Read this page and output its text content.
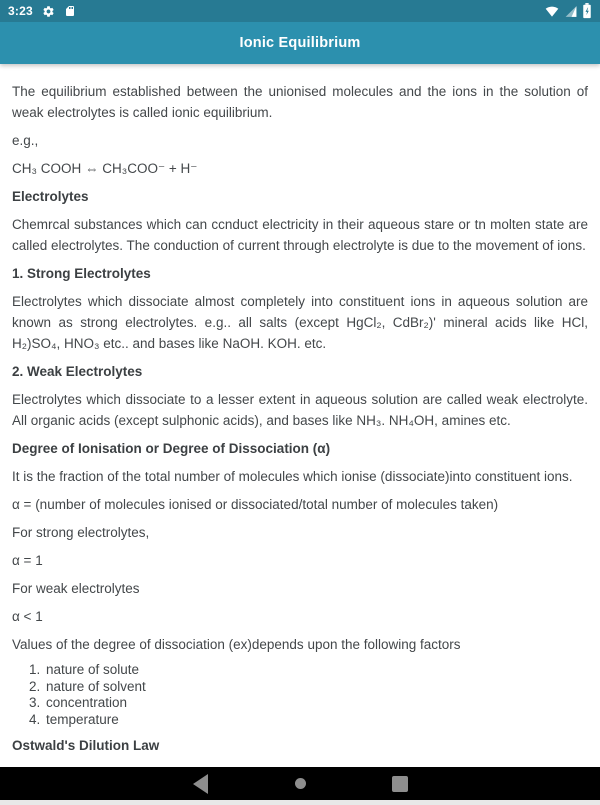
3:23
Ionic Equilibrium

The equilibrium established between the unionised molecules and the ions in the solution of weak electrolytes is called ionic equilibrium.

e.g.,

CH₃ COOH ⇔ CH₃COO⁻ + H⁻

Electrolytes

Chemrcal substances which can ccnduct electricity in their aqueous stare or tn molten state are called electrolytes. The conduction of current through electrolyte is due to the movement of ions.

1. Strong Electrolytes

Electrolytes which dissociate almost completely into constituent ions in aqueous solution are known as strong electrolytes. e.g.. all salts (except HgCl₂, CdBr₂)' mineral acids like HCl, H₂)SO₄, HNO₃ etc.. and bases like NaOH. KOH. etc.

2. Weak Electrolytes

Electrolytes which dissociate to a lesser extent in aqueous solution are called weak electrolyte. All organic acids (except sulphonic acids), and bases like NH₃. NH₄OH, amines etc.

Degree of Ionisation or Degree of Dissociation (α)

It is the fraction of the total number of molecules which ionise (dissociate)into constituent ions.

α = (number of molecules ionised or dissociated/total number of molecules taken)

For strong electrolytes,

α = 1

For weak electrolytes

α < 1

Values of the degree of dissociation (ex)depends upon the following factors

1. nature of solute
2. nature of solvent
3. concentration
4. temperature

Ostwald's Dilution Law
